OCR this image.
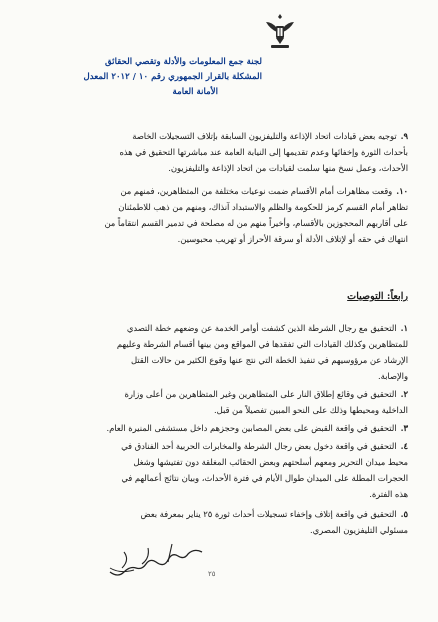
لجنة جمع المعلومات والأدلة وتقصي الحقائق
المشكلة بالقرار الجمهوري رقم ١٠ / ٢٠١٢ المعدل
الأمانة العامة
٩.توجيه بعض قيادات اتحاد الإذاعة والتليفزيون السابقة بإتلاف التسجيلات الخاصة
بأحداث الثورة وإخفائها وعدم تقديمها إلى النيابة العامة عند مباشرتها التحقيق في هذه
الأحداث، وعمل نسخ منها سلمت لقيادات من اتحاد الإذاعة والتليفزيون.
١٠.وقعت مظاهرات أمام الأقسام ضمت نوعيات مختلفة من المتظاهرين، فمنهم من
تظاهر أمام القسم كرمز للحكومة والظلم والاستبداد آنذاك، ومنهم من ذهب للاطمئنان
على أقاربهم المحجوزين بالأقسام، وأخيراً منهم من له مصلحة في تدمير القسم انتقاماً من
انتهاك في حقه أو لإتلاف الأدلة أو سرقة الأحراز أو تهريب محبوسين.
رابعاً: التوصيات
١.التحقيق مع رجال الشرطة الذين كشفت أوامر الخدمة عن وضعهم خطة التصدي
للمتظاهرين وكذلك القيادات التي تفقدها في المواقع ومن بينها أقسام الشرطة وعليهم
الإرشاد عن مرؤوسيهم في تنفيذ الخطة التي نتج عنها وقوع الكثير من حالات القتل
والإصابة.
٢.التحقيق في وقائع إطلاق النار على المتظاهرين وغير المتظاهرين من أعلى وزارة
الداخلية ومحيطها وذلك على النحو المبين تفصيلاً من قبل.
٣.التحقيق في واقعة القبض على بعض المصابين وحجزهم داخل مستشفى المنيرة العام.
٤.التحقيق في واقعة دخول بعض رجال الشرطة والمخابرات الحربية أحد الفنادق في
محيط ميدان التحرير ومعهم أسلحتهم وبعض الحقائب المغلقة دون تفتيشها وشغل
الحجرات المطلة على الميدان طوال الأيام في فترة الأحداث، وبيان نتائج أعمالهم في
هذه الفترة.
٥.التحقيق في واقعة إتلاف وإخفاء تسجيلات أحداث ثورة ٢٥ يناير بمعرفة بعض
مسئولي التليفزيون المصري.
٢٥
